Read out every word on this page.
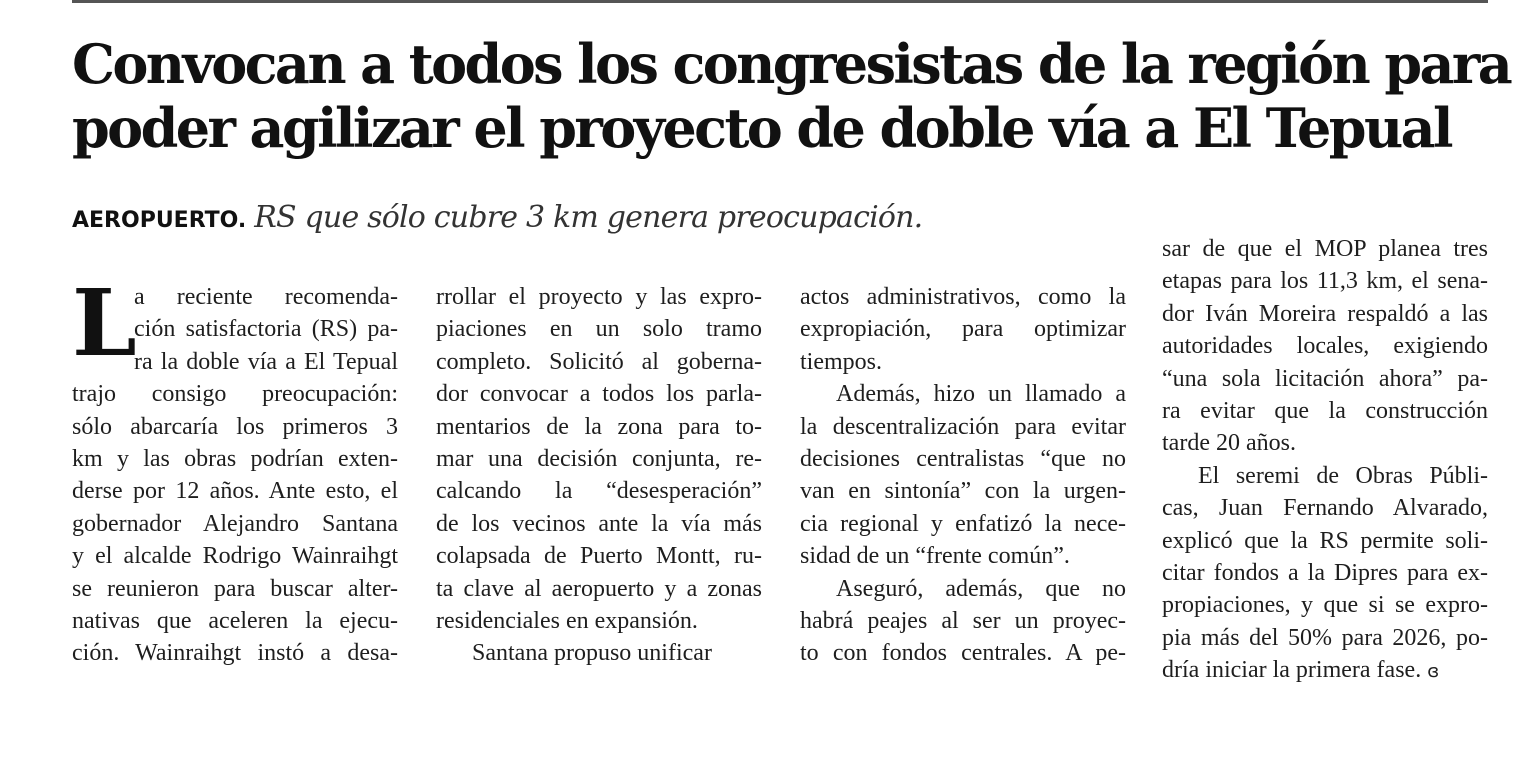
Convocan a todos los congresistas de la región para
poder agilizar el proyecto de doble vía a El Tepual
AEROPUERTO. RS que sólo cubre 3 km genera preocupación.
L
a reciente recomenda-
ción satisfactoria (RS) pa-
ra la doble vía a El Tepual
trajo consigo preocupación:
sólo abarcaría los primeros 3
km y las obras podrían exten-
derse por 12 años. Ante esto, el
gobernador Alejandro Santana
y el alcalde Rodrigo Wainraihgt
se reunieron para buscar alter-
nativas que aceleren la ejecu-
ción. Wainraihgt instó a desa-
rrollar el proyecto y las expro-
piaciones en un solo tramo
completo. Solicitó al goberna-
dor convocar a todos los parla-
mentarios de la zona para to-
mar una decisión conjunta, re-
calcando la “desesperación”
de los vecinos ante la vía más
colapsada de Puerto Montt, ru-
ta clave al aeropuerto y a zonas
residenciales en expansión.
Santana propuso unificar
actos administrativos, como la
expropiación, para optimizar
tiempos.
Además, hizo un llamado a
la descentralización para evitar
decisiones centralistas “que no
van en sintonía” con la urgen-
cia regional y enfatizó la nece-
sidad de un “frente común”.
Aseguró, además, que no
habrá peajes al ser un proyec-
to con fondos centrales. A pe-
sar de que el MOP planea tres
etapas para los 11,3 km, el sena-
dor Iván Moreira respaldó a las
autoridades locales, exigiendo
“una sola licitación ahora” pa-
ra evitar que la construcción
tarde 20 años.
El seremi de Obras Públi-
cas, Juan Fernando Alvarado,
explicó que la RS permite soli-
citar fondos a la Dipres para ex-
propiaciones, y que si se expro-
pia más del 50% para 2026, po-
dría iniciar la primera fase. ɞ
